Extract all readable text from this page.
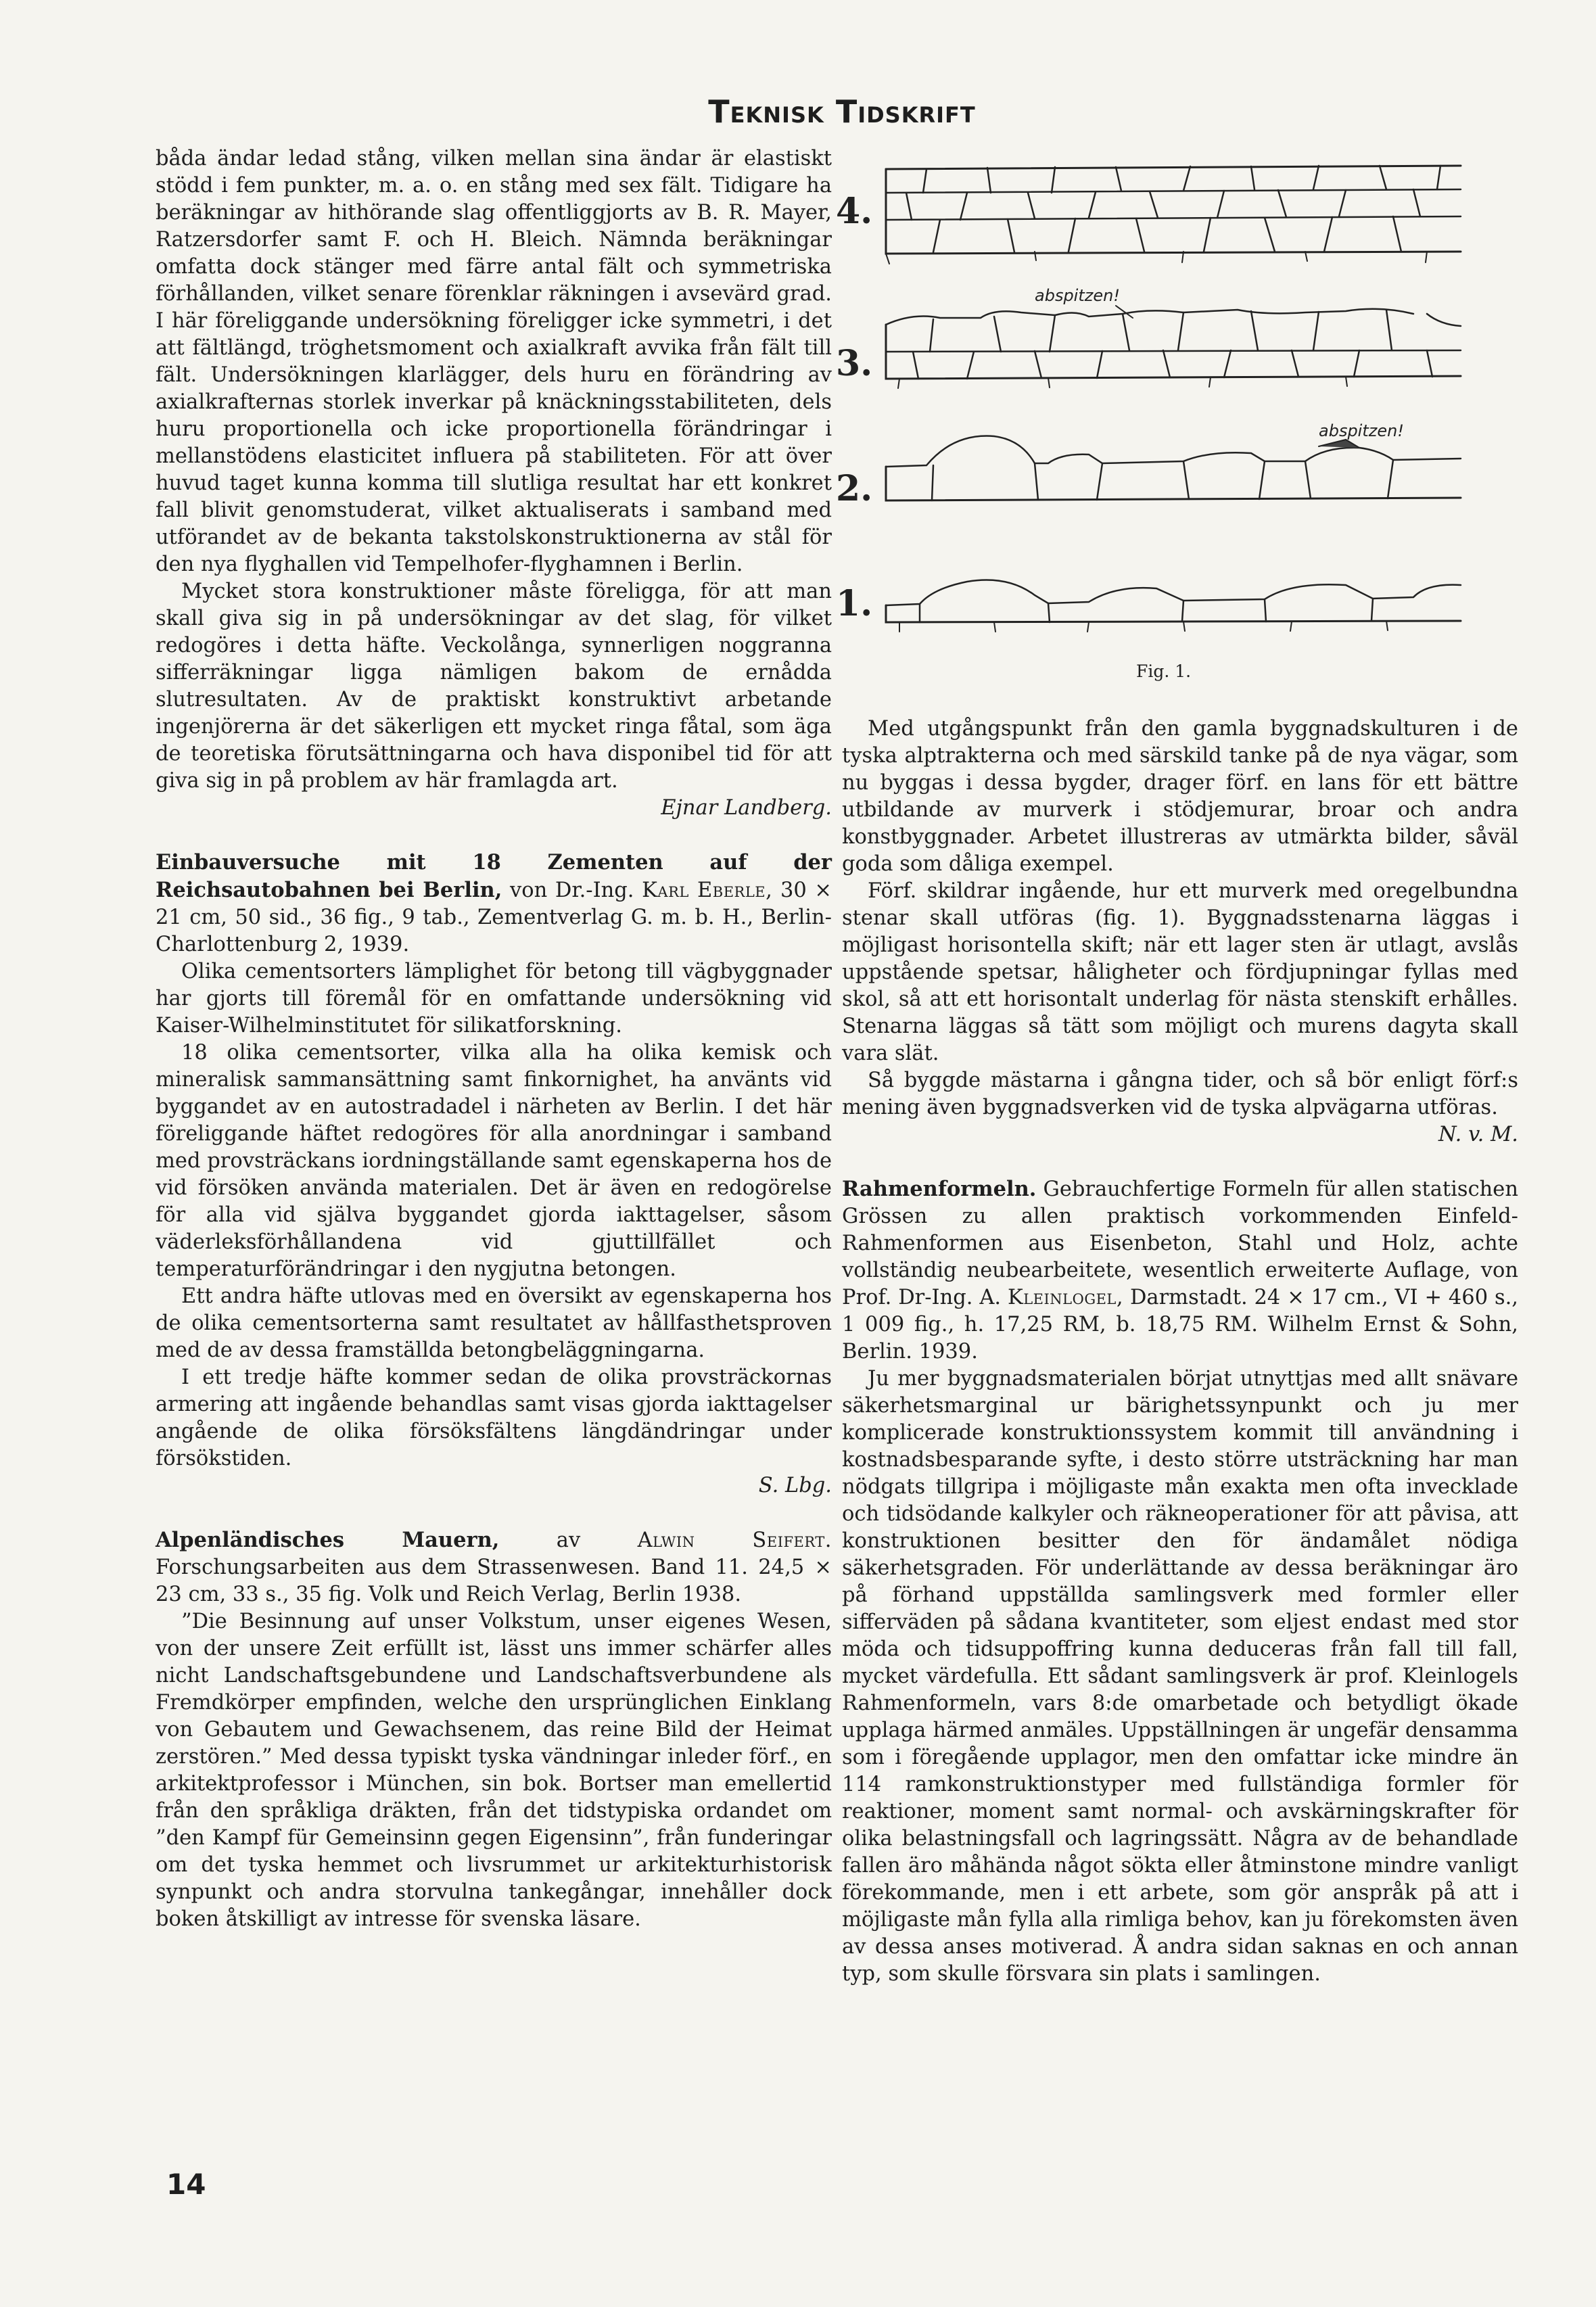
Teknisk Tidskrift

båda ändar ledad stång, vilken mellan sina ändar är elastiskt stödd i fem punkter, m. a. o. en stång med sex fält. Tidigare ha beräkningar av hithörande slag offentliggjorts av B. R. Mayer, Ratzersdorfer samt F. och H. Bleich. Nämnda beräkningar omfatta dock stänger med färre antal fält och symmetriska förhållanden, vilket senare förenklar räkningen i avsevärd grad. I här föreliggande undersökning föreligger icke symmetri, i det att fältlängd, tröghetsmoment och axialkraft avvika från fält till fält. Undersökningen klarlägger, dels huru en förändring av axialkrafternas storlek inverkar på knäckningsstabiliteten, dels huru proportionella och icke proportionella förändringar i mellanstödens elasticitet influera på stabiliteten. För att över huvud taget kunna komma till slutliga resultat har ett konkret fall blivit genomstuderat, vilket aktualiserats i samband med utförandet av de bekanta takstolskonstruktionerna av stål för den nya flyghallen vid Tempelhofer-flyghamnen i Berlin.

Mycket stora konstruktioner måste föreligga, för att man skall giva sig in på undersökningar av det slag, för vilket redogöres i detta häfte. Veckolånga, synnerligen noggranna sifferräkningar ligga nämligen bakom de ernådda slutresultaten. Av de praktiskt konstruktivt arbetande ingenjörerna är det säkerligen ett mycket ringa fåtal, som äga de teoretiska förutsättningarna och hava disponibel tid för att giva sig in på problem av här framlagda art.

Ejnar Landberg.

Einbauversuche mit 18 Zementen auf der Reichsautobahnen bei Berlin, von Dr.-Ing. Karl Eberle, 30 × 21 cm, 50 sid., 36 fig., 9 tab., Zementverlag G. m. b. H., Berlin-Charlottenburg 2, 1939.

Olika cementsorters lämplighet för betong till vägbyggnader har gjorts till föremål för en omfattande undersökning vid Kaiser-Wilhelminstitutet för silikatforskning.

18 olika cementsorter, vilka alla ha olika kemisk och mineralisk sammansättning samt finkornighet, ha använts vid byggandet av en autostradadel i närheten av Berlin. I det här föreliggande häftet redogöres för alla anordningar i samband med provsträckans iordningställande samt egenskaperna hos de vid försöken använda materialen. Det är även en redogörelse för alla vid själva byggandet gjorda iakttagelser, såsom väderleksförhållandena vid gjuttillfället och temperaturförändringar i den nygjutna betongen.

Ett andra häfte utlovas med en översikt av egenskaperna hos de olika cementsorterna samt resultatet av hållfasthetsproven med de av dessa framställda betongbeläggningarna.

I ett tredje häfte kommer sedan de olika provsträckornas armering att ingående behandlas samt visas gjorda iakttagelser angående de olika försöksfältens längdändringar under försökstiden.

S. Lbg.

Alpenländisches Mauern,	av	Alwin Seifert. Forschungsarbeiten aus dem Strassenwesen. Band 11. 24,5 × 23 cm, 33 s., 35 fig. Volk und Reich Verlag, Berlin 1938.

”Die Besinnung auf unser Volkstum, unser eigenes Wesen, von der unsere Zeit erfüllt ist, lässt uns immer schärfer alles nicht Landschaftsgebundene und Landschaftsverbundene als Fremdkörper empfinden, welche den ursprünglichen Einklang von Gebautem und Gewachsenem, das reine Bild der Heimat zerstören.” Med dessa typiskt tyska vändningar inleder förf., en arkitektprofessor i München, sin bok. Bortser man emellertid från den språkliga dräkten, från det tidstypiska ordandet om ”den Kampf für Gemeinsinn gegen Eigensinn”, från funderingar om det tyska hemmet och livsrummet ur arkitekturhistorisk synpunkt och andra storvulna tankegångar, innehåller dock boken åtskilligt av intresse för svenska läsare.

4.
3.
2.
1.
abspitzen!
abspitzen!
Fig. 1.

Med utgångspunkt från den gamla byggnadskulturen i de tyska alptrakterna och med särskild tanke på de nya vägar, som nu byggas i dessa bygder, drager förf. en lans för ett bättre utbildande av murverk i stödjemurar, broar och andra konstbyggnader. Arbetet illustreras av utmärkta bilder, såväl goda som dåliga exempel.

Förf. skildrar ingående, hur ett murverk med oregelbundna stenar skall utföras (fig. 1). Byggnadsstenarna läggas i möjligast horisontella skift; när ett lager sten är utlagt, avslås uppstående spetsar, håligheter och fördjupningar fyllas med skol, så att ett horisontalt underlag för nästa stenskift erhålles. Stenarna läggas så tätt som möjligt och murens dagyta skall vara slät.

Så byggde mästarna i gångna tider, och så bör enligt förf:s mening även byggnadsverken vid de tyska alpvägarna utföras.

N. v. M.

Rahmenformeln. Gebrauchfertige Formeln für allen statischen Grössen zu allen praktisch vorkommenden Einfeld-Rahmenformen aus Eisenbeton, Stahl und Holz, achte vollständig neubearbeitete, wesentlich erweiterte Auflage, von Prof. Dr-Ing. A. Kleinlogel, Darmstadt. 24 × 17 cm., VI + 460 s., 1 009 fig., h. 17,25 RM, b. 18,75 RM. Wilhelm Ernst & Sohn, Berlin. 1939.

Ju mer byggnadsmaterialen börjat utnyttjas med allt snävare säkerhetsmarginal ur bärighetssynpunkt och ju mer komplicerade konstruktionssystem kommit till användning i kostnadsbesparande syfte, i desto större utsträckning har man nödgats tillgripa i möjligaste mån exakta men ofta invecklade och tidsödande kalkyler och räkneoperationer för att påvisa, att konstruktionen besitter den för ändamålet nödiga säkerhetsgraden. För underlättande av dessa beräkningar äro på förhand uppställda samlingsverk med formler eller sifferväden på sådana kvantiteter, som eljest endast med stor möda och tidsuppoffring kunna deduceras från fall till fall, mycket värdefulla. Ett sådant samlingsverk är prof. Kleinlogels Rahmenformeln, vars 8:de omarbetade och betydligt ökade upplaga härmed anmäles. Uppställningen är ungefär densamma som i föregående upplagor, men den omfattar icke mindre än 114 ramkonstruktionstyper med fullständiga formler för reaktioner, moment samt normal- och avskärningskrafter för olika belastningsfall och lagringssätt. Några av de behandlade fallen äro måhända något sökta eller åtminstone mindre vanligt förekommande, men i ett arbete, som gör anspråk på att i möjligaste mån fylla alla rimliga behov, kan ju förekomsten även av dessa anses motiverad. Å andra sidan saknas en och annan typ, som skulle försvara sin plats i samlingen.

14
